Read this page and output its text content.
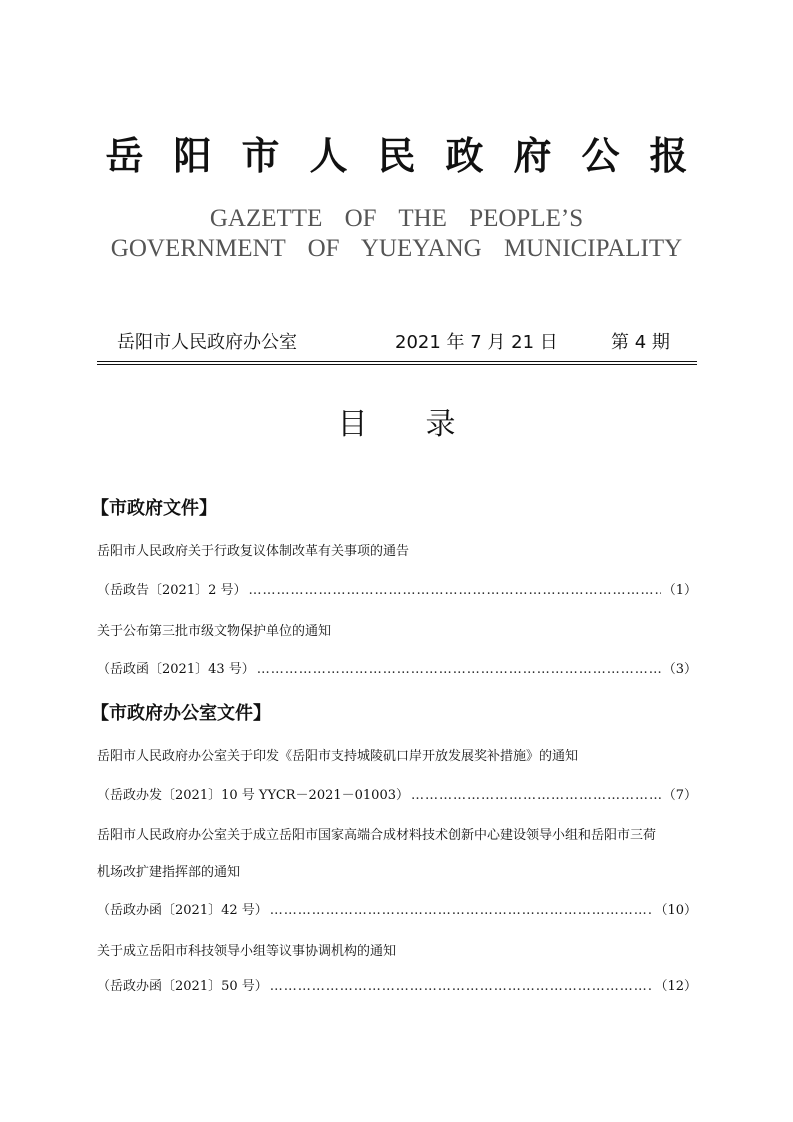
岳阳市人民政府公报
GAZETTE OF THE PEOPLE’S
GOVERNMENT OF YUEYANG MUNICIPALITY
岳阳市人民政府办公室	2021 年 7 月 21 日	第 4 期
目录
【市政府文件】
岳阳市人民政府关于行政复议体制改革有关事项的通告
（岳政告〔2021〕2 号） ………………………………………………………………………………………………………………………………………………………………	（1）
关于公布第三批市级文物保护单位的通知
（岳政函〔2021〕43 号） ………………………………………………………………………………………………………………………………………………………………	（3）
【市政府办公室文件】
岳阳市人民政府办公室关于印发《岳阳市支持城陵矶口岸开放发展奖补措施》的通知
（岳政办发〔2021〕10 号 YYCR－2021－01003） ………………………………………………………………………………………………………………………………………………………………	（7）
岳阳市人民政府办公室关于成立岳阳市国家高端合成材料技术创新中心建设领导小组和岳阳市三荷
机场改扩建指挥部的通知
（岳政办函〔2021〕42 号） ………………………………………………………………………………………………………………………………………………………………	（10）
关于成立岳阳市科技领导小组等议事协调机构的通知
（岳政办函〔2021〕50 号） ………………………………………………………………………………………………………………………………………………………………	（12）
